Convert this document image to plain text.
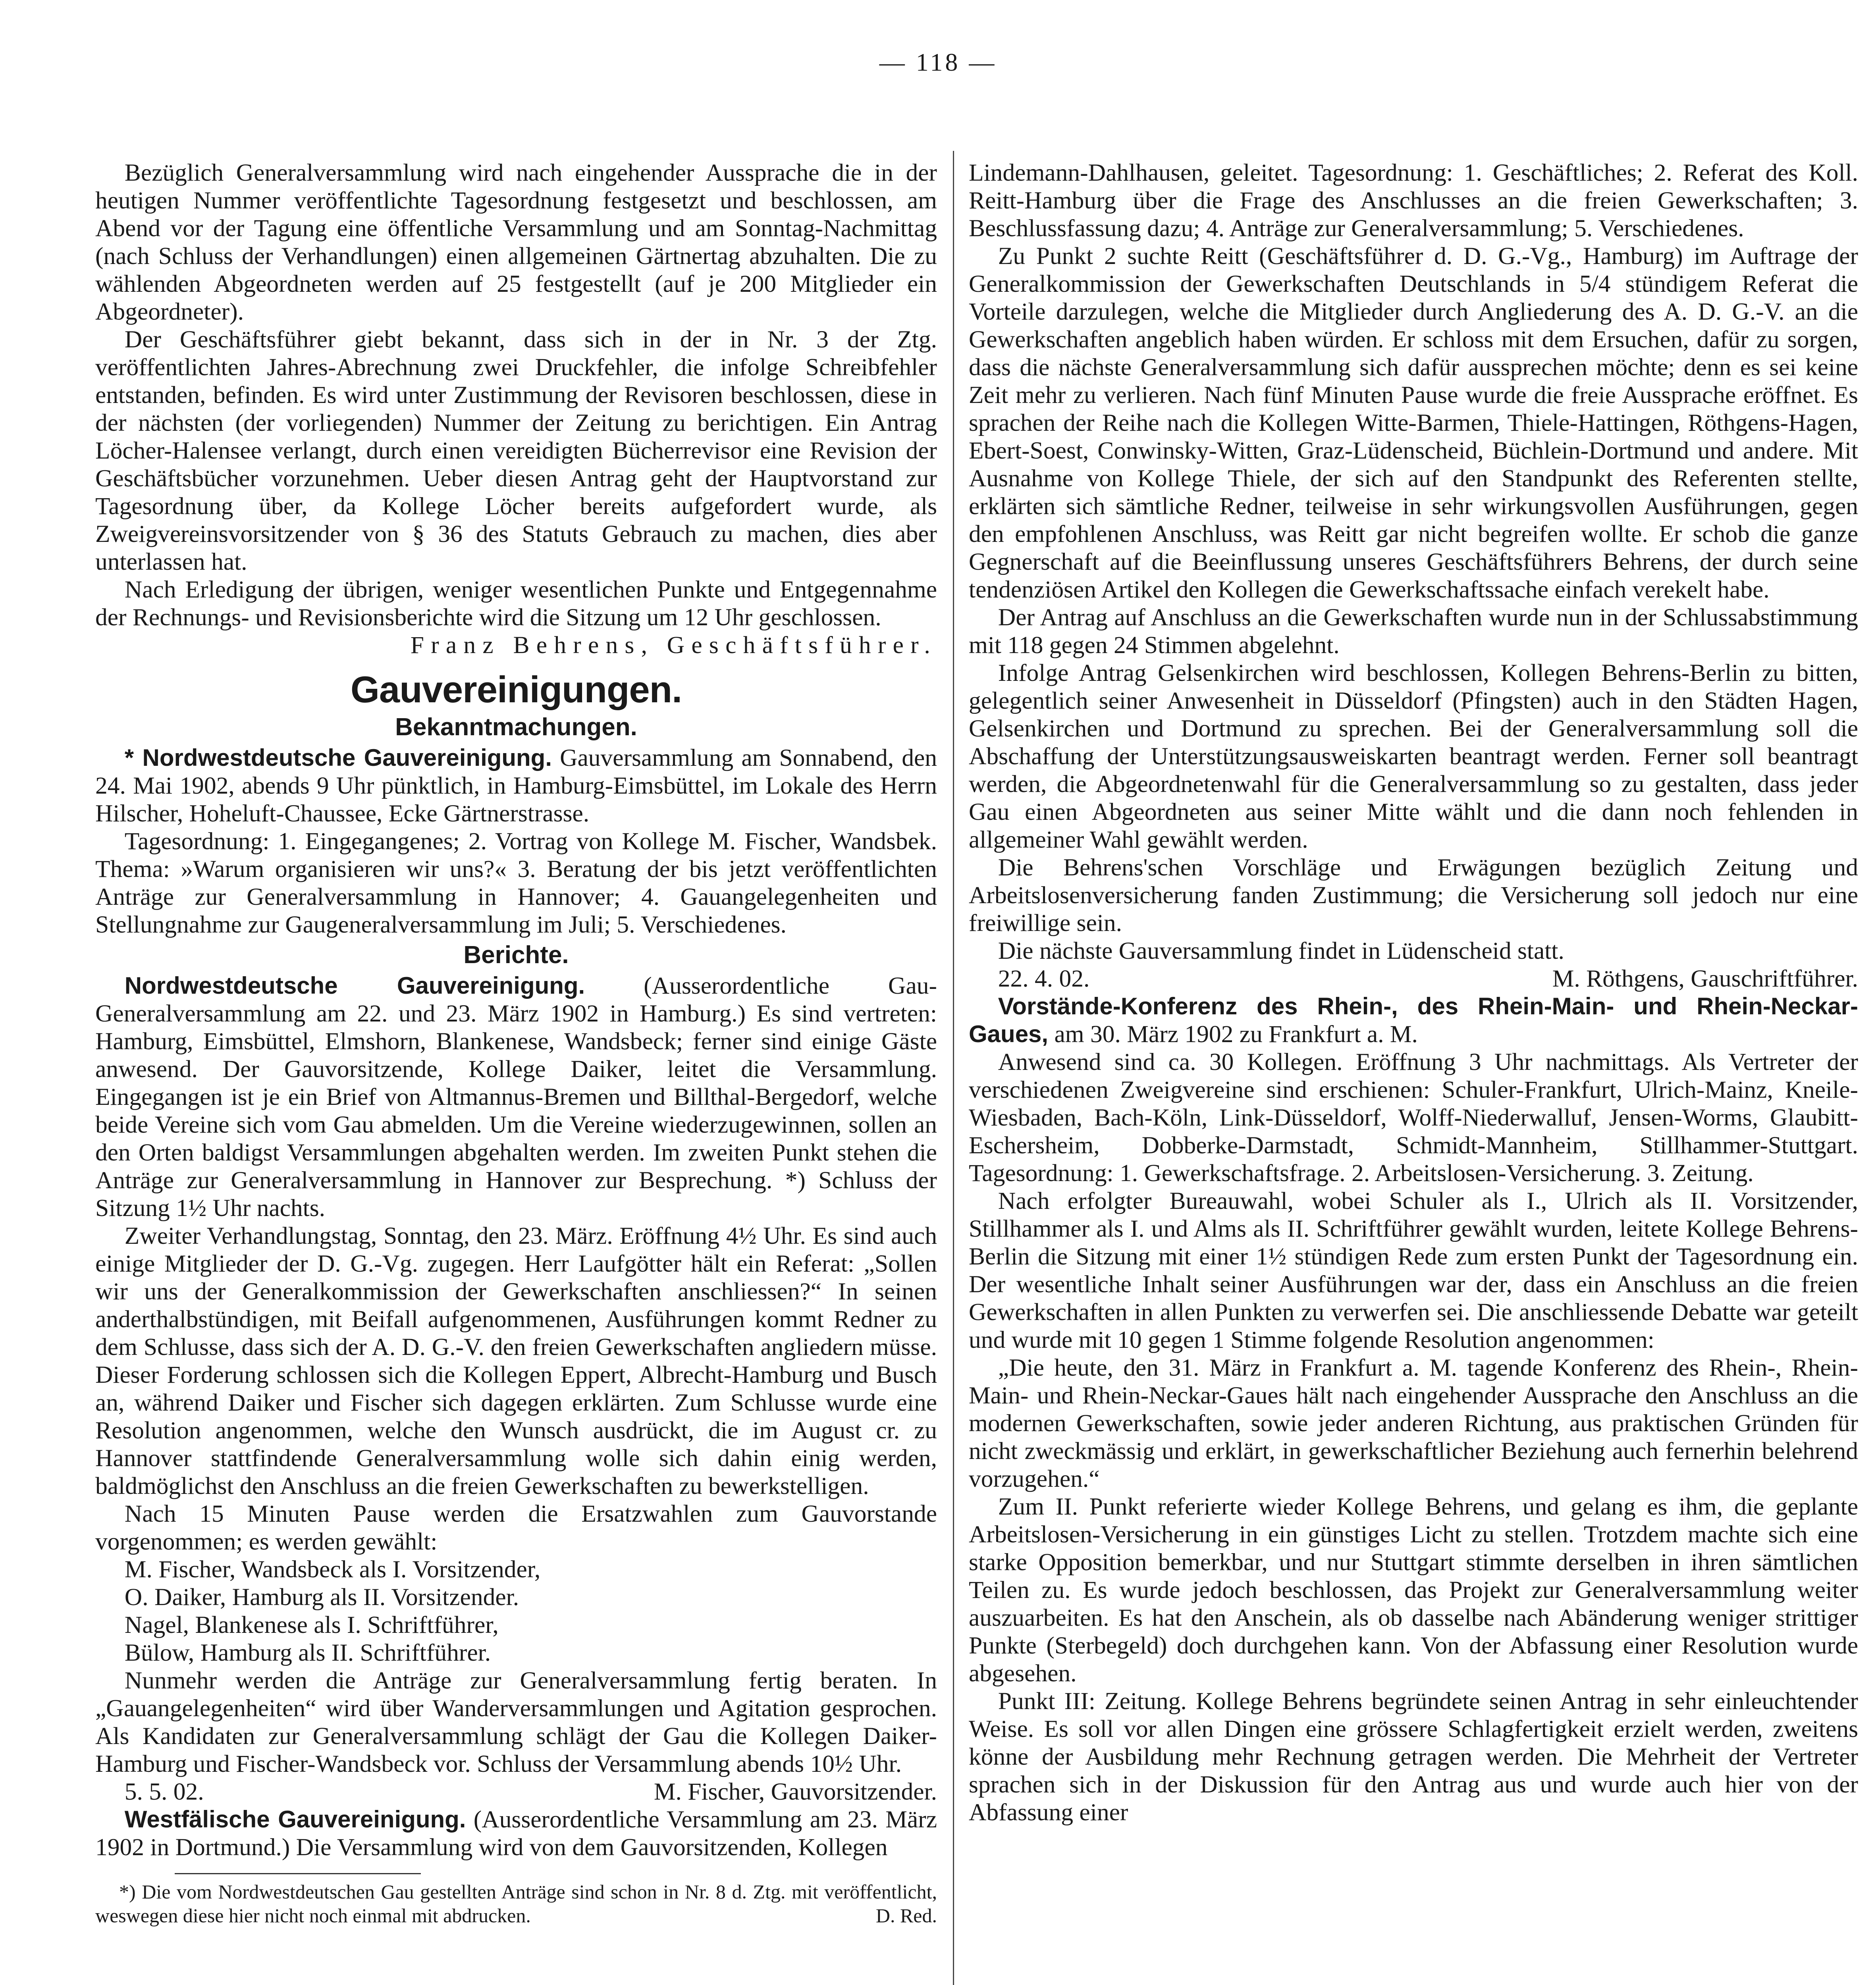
— 118 —

Bezüglich Generalversammlung wird nach eingehender Aussprache die in der heutigen Nummer veröffentlichte Tagesordnung festgesetzt und beschlossen, am Abend vor der Tagung eine öffentliche Versammlung und am Sonntag-Nachmittag (nach Schluss der Verhandlungen) einen allgemeinen Gärtnertag abzuhalten. Die zu wählenden Abgeordneten werden auf 25 festgestellt (auf je 200 Mitglieder ein Abgeordneter).

Der Geschäftsführer giebt bekannt, dass sich in der in Nr. 3 der Ztg. veröffentlichten Jahres-Abrechnung zwei Druckfehler, die infolge Schreibfehler entstanden, befinden. Es wird unter Zustimmung der Revisoren beschlossen, diese in der nächsten (der vorliegenden) Nummer der Zeitung zu berichtigen. Ein Antrag Löcher-Halensee verlangt, durch einen vereidigten Bücherrevisor eine Revision der Geschäftsbücher vorzunehmen. Ueber diesen Antrag geht der Hauptvorstand zur Tagesordnung über, da Kollege Löcher bereits aufgefordert wurde, als Zweigvereinsvorsitzender von § 36 des Statuts Gebrauch zu machen, dies aber unterlassen hat.

Nach Erledigung der übrigen, weniger wesentlichen Punkte und Entgegennahme der Rechnungs- und Revisionsberichte wird die Sitzung um 12 Uhr geschlossen.

Franz Behrens, Geschäftsführer.

Gauvereinigungen.
Bekanntmachungen.

* Nordwestdeutsche Gauvereinigung. Gauversammlung am Sonnabend, den 24. Mai 1902, abends 9 Uhr pünktlich, in Hamburg-Eimsbüttel, im Lokale des Herrn Hilscher, Hoheluft-Chaussee, Ecke Gärtnerstrasse.

Tagesordnung: 1. Eingegangenes; 2. Vortrag von Kollege M. Fischer, Wandsbek. Thema: »Warum organisieren wir uns?« 3. Beratung der bis jetzt veröffentlichten Anträge zur Generalversammlung in Hannover; 4. Gauangelegenheiten und Stellungnahme zur Gaugeneralversammlung im Juli; 5. Verschiedenes.

Berichte.

Nordwestdeutsche Gauvereinigung. (Ausserordentliche Gau-Generalversammlung am 22. und 23. März 1902 in Hamburg.) Es sind vertreten: Hamburg, Eimsbüttel, Elmshorn, Blankenese, Wandsbeck; ferner sind einige Gäste anwesend. Der Gauvorsitzende, Kollege Daiker, leitet die Versammlung. Eingegangen ist je ein Brief von Altmannus-Bremen und Billthal-Bergedorf, welche beide Vereine sich vom Gau abmelden. Um die Vereine wiederzugewinnen, sollen an den Orten baldigst Versammlungen abgehalten werden. Im zweiten Punkt stehen die Anträge zur Generalversammlung in Hannover zur Besprechung. *) Schluss der Sitzung 1½ Uhr nachts.

Zweiter Verhandlungstag, Sonntag, den 23. März. Eröffnung 4½ Uhr. Es sind auch einige Mitglieder der D. G.-Vg. zugegen. Herr Laufgötter hält ein Referat: „Sollen wir uns der Generalkommission der Gewerkschaften anschliessen?“ In seinen anderthalbstündigen, mit Beifall aufgenommenen, Ausführungen kommt Redner zu dem Schlusse, dass sich der A. D. G.-V. den freien Gewerkschaften angliedern müsse. Dieser Forderung schlossen sich die Kollegen Eppert, Albrecht-Hamburg und Busch an, während Daiker und Fischer sich dagegen erklärten. Zum Schlusse wurde eine Resolution angenommen, welche den Wunsch ausdrückt, die im August cr. zu Hannover stattfindende Generalversammlung wolle sich dahin einig werden, baldmöglichst den Anschluss an die freien Gewerkschaften zu bewerkstelligen.

Nach 15 Minuten Pause werden die Ersatzwahlen zum Gauvorstande vorgenommen; es werden gewählt:

M. Fischer, Wandsbeck als I. Vorsitzender,
O. Daiker, Hamburg als II. Vorsitzender.
Nagel, Blankenese als I. Schriftführer,
Bülow, Hamburg als II. Schriftführer.

Nunmehr werden die Anträge zur Generalversammlung fertig beraten. In „Gauangelegenheiten“ wird über Wanderversammlungen und Agitation gesprochen. Als Kandidaten zur Generalversammlung schlägt der Gau die Kollegen Daiker-Hamburg und Fischer-Wandsbeck vor. Schluss der Versammlung abends 10½ Uhr.

5. 5. 02.	M. Fischer, Gauvorsitzender.

Westfälische Gauvereinigung. (Ausserordentliche Versammlung am 23. März 1902 in Dortmund.) Die Versammlung wird von dem Gauvorsitzenden, Kollegen

*) Die vom Nordwestdeutschen Gau gestellten Anträge sind schon in Nr. 8 d. Ztg. mit veröffentlicht, weswegen diese hier nicht noch einmal mit abdrucken.	D. Red.

Lindemann-Dahlhausen, geleitet. Tagesordnung: 1. Geschäftliches; 2. Referat des Koll. Reitt-Hamburg über die Frage des Anschlusses an die freien Gewerkschaften; 3. Beschlussfassung dazu; 4. Anträge zur Generalversammlung; 5. Verschiedenes.

Zu Punkt 2 suchte Reitt (Geschäftsführer d. D. G.-Vg., Hamburg) im Auftrage der Generalkommission der Gewerkschaften Deutschlands in 5/4 stündigem Referat die Vorteile darzulegen, welche die Mitglieder durch Angliederung des A. D. G.-V. an die Gewerkschaften angeblich haben würden. Er schloss mit dem Ersuchen, dafür zu sorgen, dass die nächste Generalversammlung sich dafür aussprechen möchte; denn es sei keine Zeit mehr zu verlieren. Nach fünf Minuten Pause wurde die freie Aussprache eröffnet. Es sprachen der Reihe nach die Kollegen Witte-Barmen, Thiele-Hattingen, Röthgens-Hagen, Ebert-Soest, Conwinsky-Witten, Graz-Lüdenscheid, Büchlein-Dortmund und andere. Mit Ausnahme von Kollege Thiele, der sich auf den Standpunkt des Referenten stellte, erklärten sich sämtliche Redner, teilweise in sehr wirkungsvollen Ausführungen, gegen den empfohlenen Anschluss, was Reitt gar nicht begreifen wollte. Er schob die ganze Gegnerschaft auf die Beeinflussung unseres Geschäftsführers Behrens, der durch seine tendenziösen Artikel den Kollegen die Gewerkschaftssache einfach verekelt habe.

Der Antrag auf Anschluss an die Gewerkschaften wurde nun in der Schlussabstimmung mit 118 gegen 24 Stimmen abgelehnt.

Infolge Antrag Gelsenkirchen wird beschlossen, Kollegen Behrens-Berlin zu bitten, gelegentlich seiner Anwesenheit in Düsseldorf (Pfingsten) auch in den Städten Hagen, Gelsenkirchen und Dortmund zu sprechen. Bei der Generalversammlung soll die Abschaffung der Unterstützungsausweiskarten beantragt werden. Ferner soll beantragt werden, die Abgeordnetenwahl für die Generalversammlung so zu gestalten, dass jeder Gau einen Abgeordneten aus seiner Mitte wählt und die dann noch fehlenden in allgemeiner Wahl gewählt werden.

Die Behrens'schen Vorschläge und Erwägungen bezüglich Zeitung und Arbeitslosenversicherung fanden Zustimmung; die Versicherung soll jedoch nur eine freiwillige sein.

Die nächste Gauversammlung findet in Lüdenscheid statt.

22. 4. 02.	M. Röthgens, Gauschriftführer.

Vorstände-Konferenz des Rhein-, des Rhein-Main- und Rhein-Neckar-Gaues, am 30. März 1902 zu Frankfurt a. M.

Anwesend sind ca. 30 Kollegen. Eröffnung 3 Uhr nachmittags. Als Vertreter der verschiedenen Zweigvereine sind erschienen: Schuler-Frankfurt, Ulrich-Mainz, Kneile-Wiesbaden, Bach-Köln, Link-Düsseldorf, Wolff-Niederwalluf, Jensen-Worms, Glaubitt-Eschersheim, Dobberke-Darmstadt, Schmidt-Mannheim, Stillhammer-Stuttgart. Tagesordnung: 1. Gewerkschaftsfrage. 2. Arbeitslosen-Versicherung. 3. Zeitung.

Nach erfolgter Bureauwahl, wobei Schuler als I., Ulrich als II. Vorsitzender, Stillhammer als I. und Alms als II. Schriftführer gewählt wurden, leitete Kollege Behrens-Berlin die Sitzung mit einer 1½ stündigen Rede zum ersten Punkt der Tagesordnung ein. Der wesentliche Inhalt seiner Ausführungen war der, dass ein Anschluss an die freien Gewerkschaften in allen Punkten zu verwerfen sei. Die anschliessende Debatte war geteilt und wurde mit 10 gegen 1 Stimme folgende Resolution angenommen:

„Die heute, den 31. März in Frankfurt a. M. tagende Konferenz des Rhein-, Rhein-Main- und Rhein-Neckar-Gaues hält nach eingehender Aussprache den Anschluss an die modernen Gewerkschaften, sowie jeder anderen Richtung, aus praktischen Gründen für nicht zweckmässig und erklärt, in gewerkschaftlicher Beziehung auch fernerhin belehrend vorzugehen.“

Zum II. Punkt referierte wieder Kollege Behrens, und gelang es ihm, die geplante Arbeitslosen-Versicherung in ein günstiges Licht zu stellen. Trotzdem machte sich eine starke Opposition bemerkbar, und nur Stuttgart stimmte derselben in ihren sämtlichen Teilen zu. Es wurde jedoch beschlossen, das Projekt zur Generalversammlung weiter auszuarbeiten. Es hat den Anschein, als ob dasselbe nach Abänderung weniger strittiger Punkte (Sterbegeld) doch durchgehen kann. Von der Abfassung einer Resolution wurde abgesehen.

Punkt III: Zeitung. Kollege Behrens begründete seinen Antrag in sehr einleuchtender Weise. Es soll vor allen Dingen eine grössere Schlagfertigkeit erzielt werden, zweitens könne der Ausbildung mehr Rechnung getragen werden. Die Mehrheit der Vertreter sprachen sich in der Diskussion für den Antrag aus und wurde auch hier von der Abfassung einer
